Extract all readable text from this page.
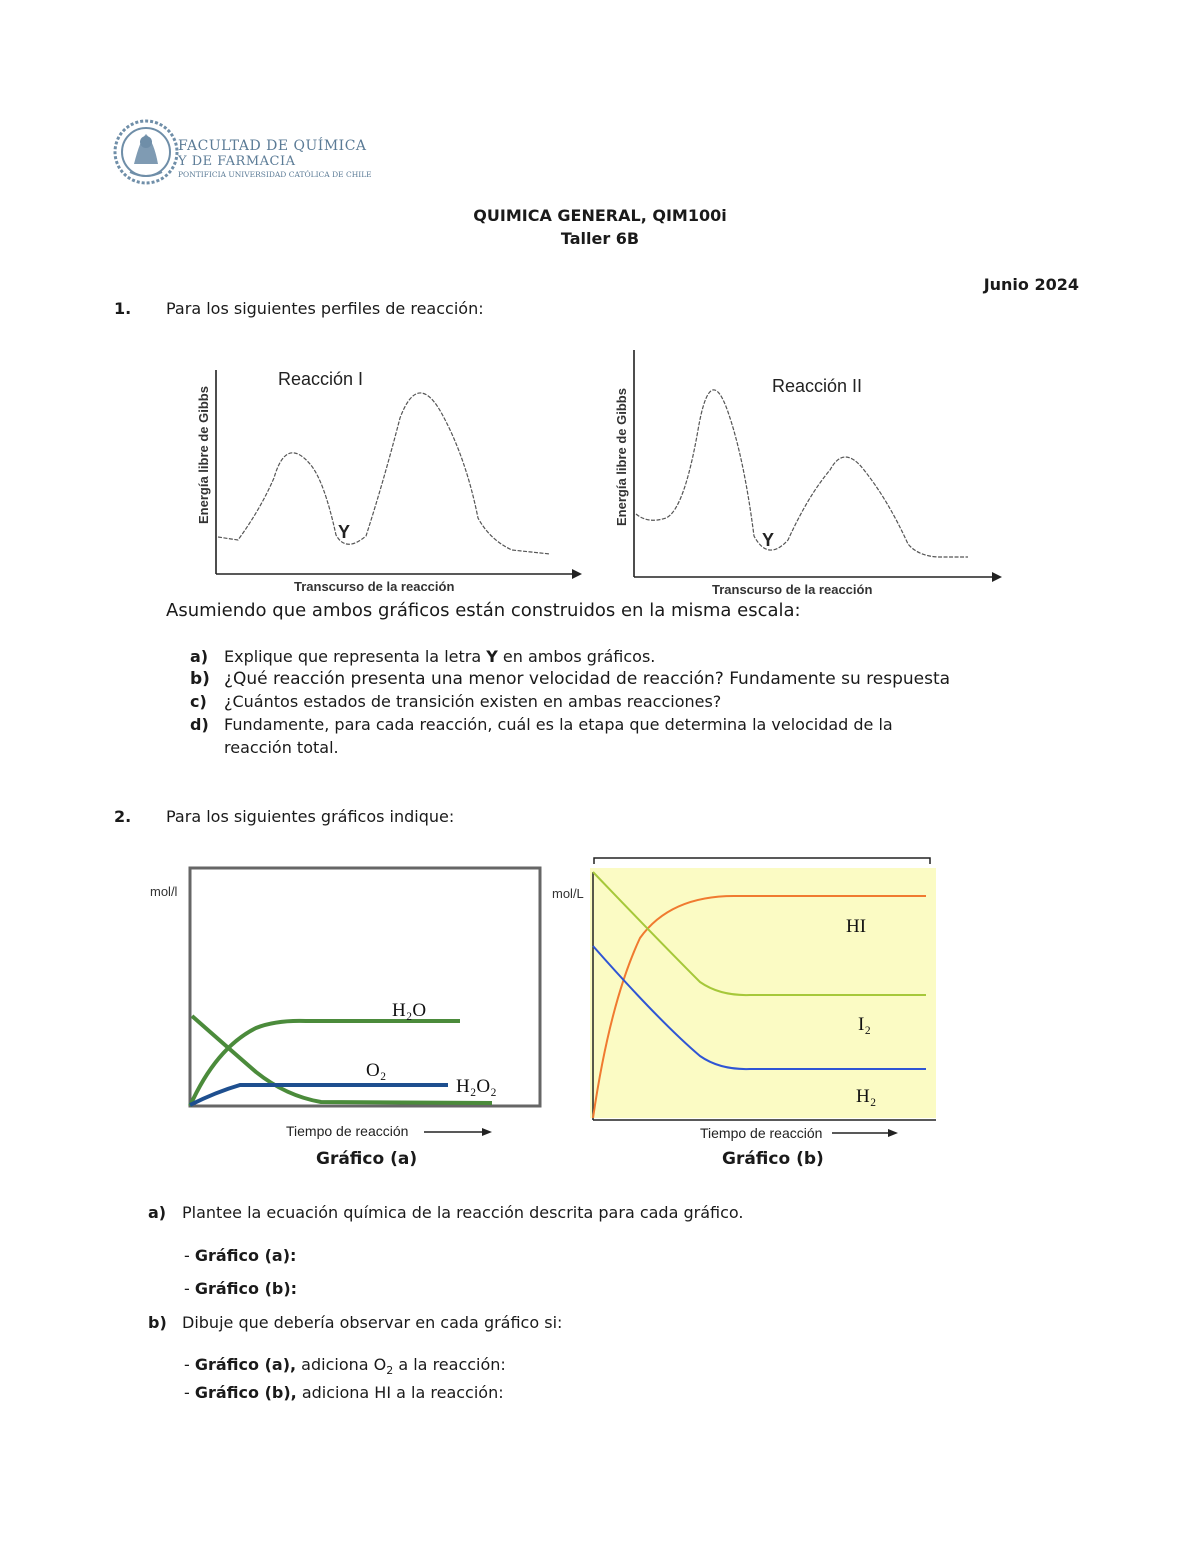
FACULTAD DE QUÍMICA
Y DE FARMACIA
PONTIFICIA UNIVERSIDAD CATÓLICA DE CHILE
QUIMICA GENERAL, QIM100i
Taller 6B
Junio 2024
1. Para los siguientes perfiles de reacción:
Reacción I
Y
Transcurso de la reacción
Energía libre de Gibbs
Reacción II
Y
Transcurso de la reacción
Energía libre de Gibbs
Asumiendo que ambos gráficos están construidos en la misma escala:
a) Explique que representa la letra Y en ambos gráficos.
b) ¿Qué reacción presenta una menor velocidad de reacción? Fundamente su respuesta
c) ¿Cuántos estados de transición existen en ambas reacciones?
d) Fundamente, para cada reacción, cuál es la etapa que determina la velocidad de la
reacción total.
2. Para los siguientes gráficos indique:
mol/l
H₂O
O₂
H₂O₂
Tiempo de reacción
Gráfico (a)
mol/L
HI
I₂
H₂
Tiempo de reacción
Gráfico (b)
a) Plantee la ecuación química de la reacción descrita para cada gráfico.
- Gráfico (a):
- Gráfico (b):
b) Dibuje que debería observar en cada gráfico si:
- Gráfico (a), adiciona $O_2$ a la reacción:
- Gráfico (b), adiciona HI a la reacción:
